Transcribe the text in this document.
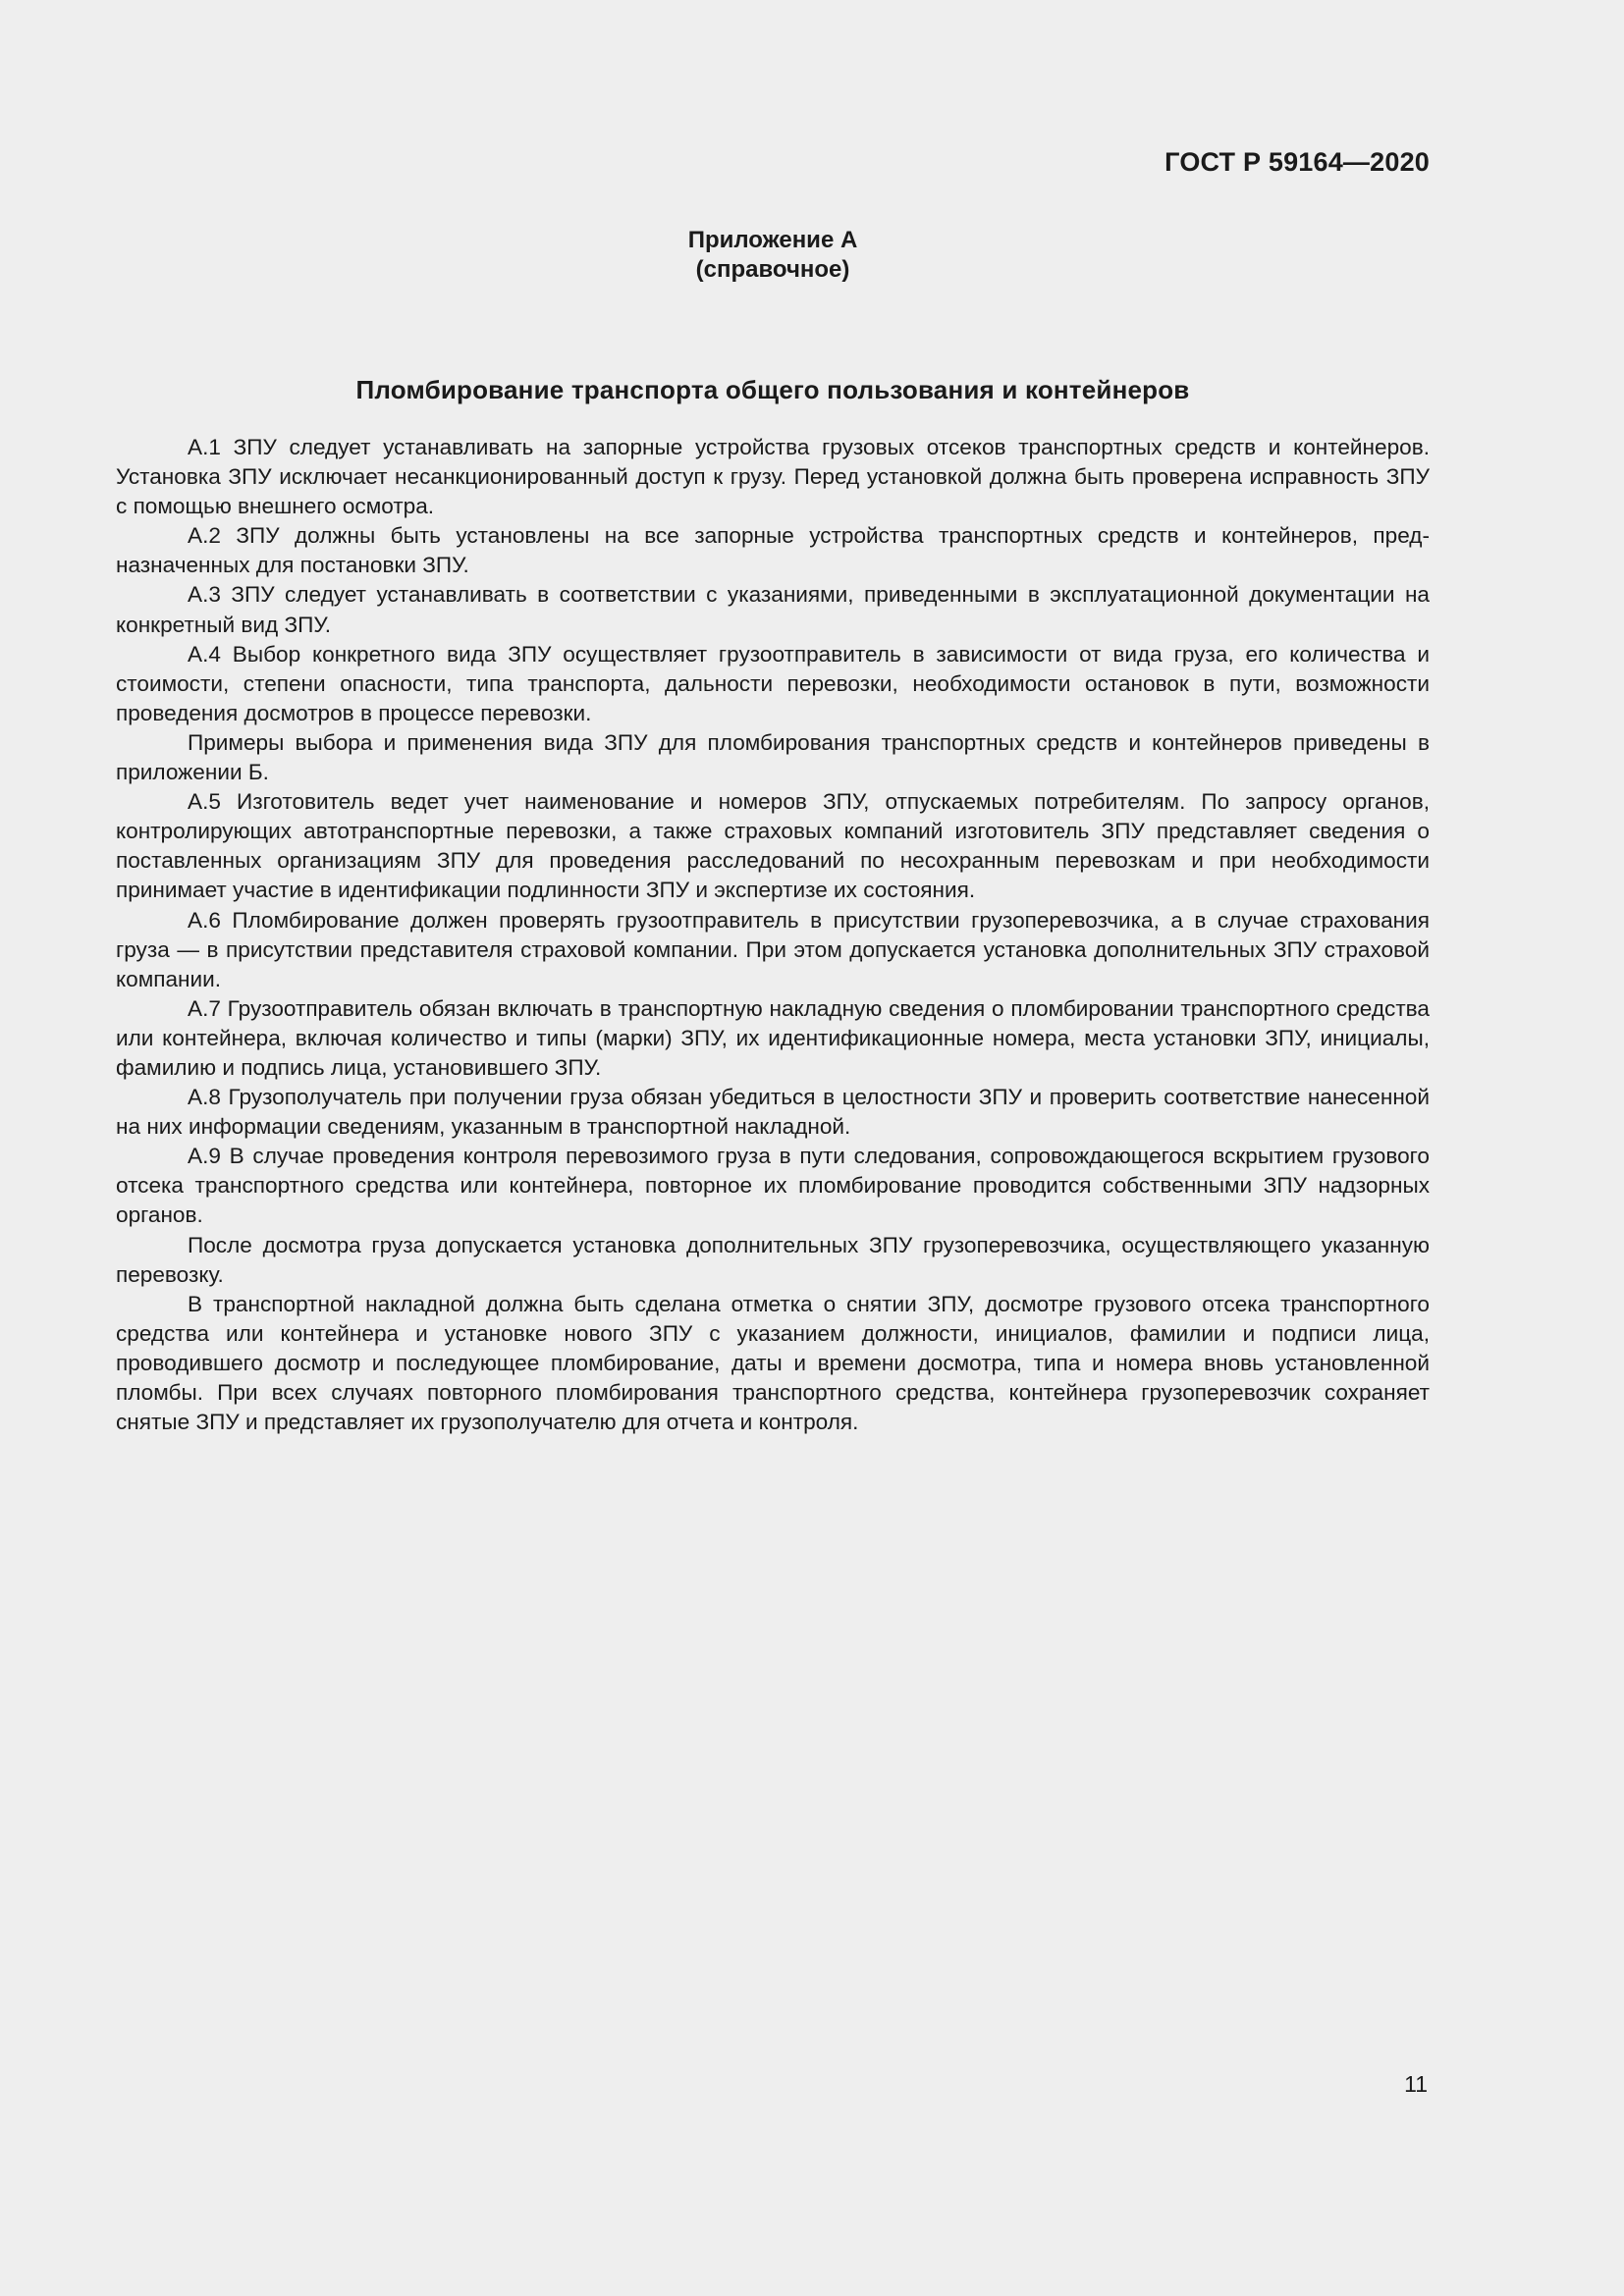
ГОСТ Р 59164—2020
Приложение А
(справочное)
Пломбирование транспорта общего пользования и контейнеров

А.1 ЗПУ следует устанавливать на запорные устройства грузовых отсеков транспортных средств и контейнеров. Установка ЗПУ исключает несанкционированный доступ к грузу. Перед установкой должна быть проверена исправность ЗПУ с помощью внешнего осмотра.

А.2 ЗПУ должны быть установлены на все запорные устройства транспортных средств и контейнеров, предназначенных для постановки ЗПУ.

А.3 ЗПУ следует устанавливать в соответствии с указаниями, приведенными в эксплуатационной документации на конкретный вид ЗПУ.

А.4 Выбор конкретного вида ЗПУ осуществляет грузоотправитель в зависимости от вида груза, его количества и стоимости, степени опасности, типа транспорта, дальности перевозки, необходимости остановок в пути, возможности проведения досмотров в процессе перевозки.

Примеры выбора и применения вида ЗПУ для пломбирования транспортных средств и контейнеров приведены в приложении Б.

А.5 Изготовитель ведет учет наименование и номеров ЗПУ, отпускаемых потребителям. По запросу органов, контролирующих автотранспортные перевозки, а также страховых компаний изготовитель ЗПУ представляет сведения о поставленных организациям ЗПУ для проведения расследований по несохранным перевозкам и при необходимости принимает участие в идентификации подлинности ЗПУ и экспертизе их состояния.

А.6 Пломбирование должен проверять грузоотправитель в присутствии грузоперевозчика, а в случае страхования груза — в присутствии представителя страховой компании. При этом допускается установка дополнительных ЗПУ страховой компании.

А.7 Грузоотправитель обязан включать в транспортную накладную сведения о пломбировании транспортного средства или контейнера, включая количество и типы (марки) ЗПУ, их идентификационные номера, места установки ЗПУ, инициалы, фамилию и подпись лица, установившего ЗПУ.

А.8 Грузополучатель при получении груза обязан убедиться в целостности ЗПУ и проверить соответствие нанесенной на них информации сведениям, указанным в транспортной накладной.

А.9 В случае проведения контроля перевозимого груза в пути следования, сопровождающегося вскрытием грузового отсека транспортного средства или контейнера, повторное их пломбирование проводится собственными ЗПУ надзорных органов.

После досмотра груза допускается установка дополнительных ЗПУ грузоперевозчика, осуществляющего указанную перевозку.

В транспортной накладной должна быть сделана отметка о снятии ЗПУ, досмотре грузового отсека транспортного средства или контейнера и установке нового ЗПУ с указанием должности, инициалов, фамилии и подписи лица, проводившего досмотр и последующее пломбирование, даты и времени досмотра, типа и номера вновь установленной пломбы. При всех случаях повторного пломбирования транспортного средства, контейнера грузоперевозчик сохраняет снятые ЗПУ и представляет их грузополучателю для отчета и контроля.

11
